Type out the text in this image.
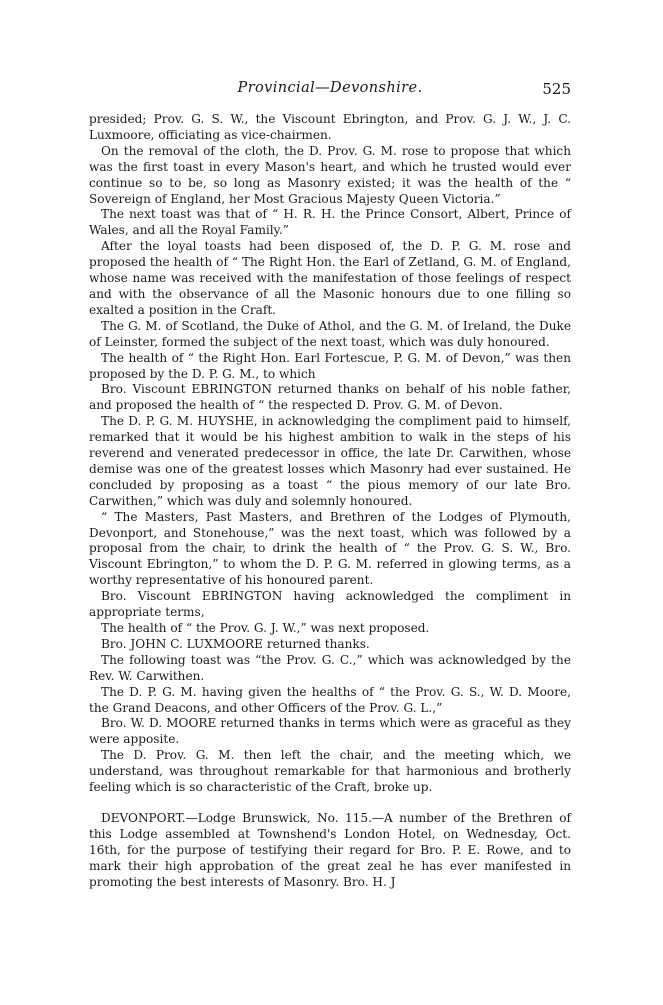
Provincial—Devonshire.	525

presided; Prov. G. S. W., the Viscount Ebrington, and Prov. G. J. W., J. C. Luxmoore, officiating as vice-chairmen.

On the removal of the cloth, the D. Prov. G. M. rose to propose that which was the first toast in every Mason's heart, and which he trusted would ever continue so to be, so long as Masonry existed; it was the health of the “ Sovereign of England, her Most Gracious Majesty Queen Victoria.”

The next toast was that of “ H. R. H. the Prince Consort, Albert, Prince of Wales, and all the Royal Family.”

After the loyal toasts had been disposed of, the D. P. G. M. rose and proposed the health of “ The Right Hon. the Earl of Zetland, G. M. of England, whose name was received with the manifestation of those feelings of respect and with the observance of all the Masonic honours due to one filling so exalted a position in the Craft.

The G. M. of Scotland, the Duke of Athol, and the G. M. of Ireland, the Duke of Leinster, formed the subject of the next toast, which was duly honoured.

The health of “ the Right Hon. Earl Fortescue, P. G. M. of Devon,” was then proposed by the D. P. G. M., to which

Bro. Viscount EBRINGTON returned thanks on behalf of his noble father, and proposed the health of “ the respected D. Prov. G. M. of Devon.

The D. P. G. M. HUYSHE, in acknowledging the compliment paid to himself, remarked that it would be his highest ambition to walk in the steps of his reverend and venerated predecessor in office, the late Dr. Carwithen, whose demise was one of the greatest losses which Masonry had ever sustained. He concluded by proposing as a toast “ the pious memory of our late Bro. Carwithen,” which was duly and solemnly honoured.

“ The Masters, Past Masters, and Brethren of the Lodges of Plymouth, Devonport, and Stonehouse,” was the next toast, which was followed by a proposal from the chair, to drink the health of “ the Prov. G. S. W., Bro. Viscount Ebrington,” to whom the D. P. G. M. referred in glowing terms, as a worthy representative of his honoured parent.

Bro. Viscount EBRINGTON having acknowledged the compliment in appropriate terms,

The health of “ the Prov. G. J. W.,” was next proposed.

Bro. JOHN C. LUXMOORE returned thanks.

The following toast was “the Prov. G. C.,” which was acknowledged by the Rev. W. Carwithen.

The D. P. G. M. having given the healths of “ the Prov. G. S., W. D. Moore, the Grand Deacons, and other Officers of the Prov. G. L.,”

Bro. W. D. MOORE returned thanks in terms which were as graceful as they were apposite.

The D. Prov. G. M. then left the chair, and the meeting which, we understand, was throughout remarkable for that harmonious and brotherly feeling which is so characteristic of the Craft, broke up.

DEVONPORT.—Lodge Brunswick, No. 115.—A number of the Brethren of this Lodge assembled at Townshend's London Hotel, on Wednesday, Oct. 16th, for the purpose of testifying their regard for Bro. P. E. Rowe, and to mark their high approbation of the great zeal he has ever manifested in promoting the best interests of Masonry. Bro. H. J
